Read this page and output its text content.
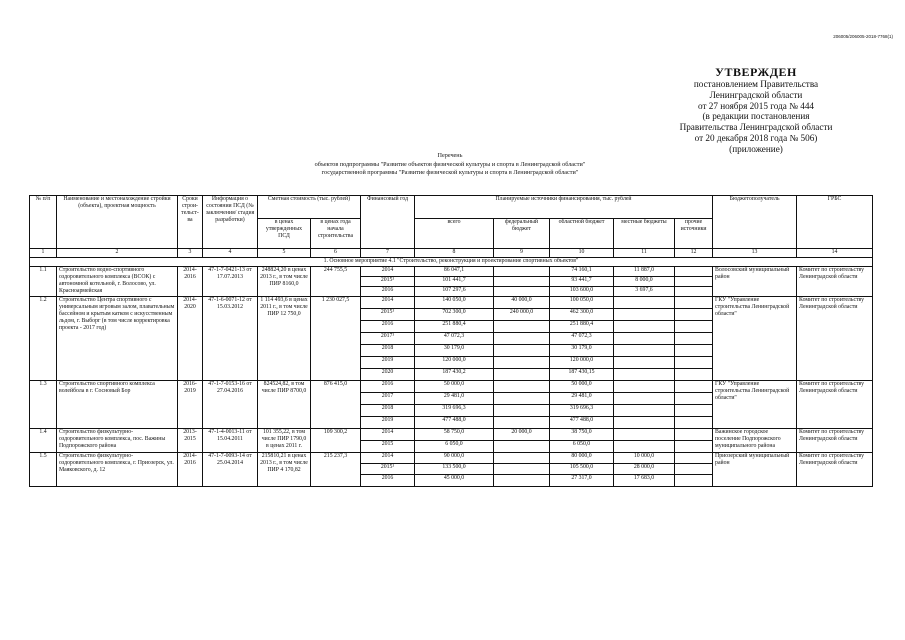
206005/206005-2018-7768(1)
УТВЕРЖДЕН
постановлением Правительства
Ленинградской области
от 27 ноября 2015 года № 444
(в редакции постановления
Правительства Ленинградской области
от 20 декабря 2018 года № 506)
(приложение)
Перечень
объектов подпрограммы "Развитие объектов физической культуры и спорта в Ленинградской области"
государственной программы "Развитие физической культуры и спорта в Ленинградской области"
№ п/п	Наименование и местонахождение стройки (объекта), проектная мощность	Сроки строи-тельст-ва	Информация о состоянии ПСД (№ заключения/ стадия разработки)	Сметная стоимость (тыс. рублей)		Финансовый год	Планируемые источники финансирования, тыс. рублей					Бюджетополучатель	ГРБС
				в ценах утвержденных ПСД	в ценах года начала строительства		всего	федеральный бюджет	областной бюджет	местные бюджеты	прочие источники		
1	2	3	4	5	6	7	8	9	10	11	12	13	14
1. Основное мероприятие 4.1 "Строительство, реконструкция и проектирование спортивных объектов"													
1.1	Строительство водно-спортивного оздоровительного комплекса (ВСОК) с автономной котельной, г. Волосово, ул. Красноармейская	2014-2016	47-1-7-0421-13 от 17.07.2013	248824,20 в ценах 2013 г., в том числе ПИР 8160,0	244 755,5	2014	86 047,1		74 160,1	11 887,0		Волосовский муниципальный район	Комитет по строительству Ленинградской области
						2015¹	101 441,7		93 441,7	8 000,0			
						2016	107 297,6		103 600,0	3 697,6			
1.2	Строительство Центра спортивного с универсальным игровым залом, плавательным бассейном и крытым катком с искусственным льдом, г. Выборг (в том числе корректировка проекта - 2017 год)	2014-2020	47-1-6-0071-12 от 15.03.2012	1 114 493,6 в ценах 2011 г., в том числе ПИР 12 750,0	1 230 027,5	2014	140 050,0	40 000,0	100 050,0			ГКУ "Управление строительства Ленинградской области"	Комитет по строительству Ленинградской области
						2015¹	702 300,0	240 000,0	462 300,0				
						2016	251 880,4		251 880,4				
						2017¹	47 072,3		47 072,3				
						2018	30 179,0		30 179,0				
						2019	120 000,0		120 000,0				
						2020	187 430,2		187 430,15				
1.3	Строительство спортивного комплекса волейбола в г. Сосновый Бор	2016-2019	47-1-7-0153-16 от 27.04.2016	824524,82, в том числе ПИР 8700,0	876 415,0	2016	50 000,0		50 000,0			ГКУ "Управление строительства Ленинградской области"	Комитет по строительству Ленинградской области
						2017	29 481,0		29 481,0				
						2018	319 696,3		319 696,3				
						2019	477 488,0		477 488,0				
1.4	Строительство физкультурно-оздоровительного комплекса, пос. Важины Подпорожского района	2013-2015	47-1-4-0013-11 от 15.04.2011	101 355,22, в том числе ПИР 1790,0 в ценах 2011 г.	109 300,2	2014	58 750,0	20 000,0	38 750,0			Важинское городское поселение Подпорожского муниципального района	Комитет по строительству Ленинградской области
						2015	6 050,0		6 050,0				
1.5	Строительство физкультурно-оздоровительного комплекса, г. Приозерск, ул. Маяковского, д. 12	2014-2016	47-1-7-0093-14 от 25.04.2014	215810,21 в ценах 2013 г., в том числе ПИР 4 170,82	215 237,3	2014	90 000,0		80 000,0	10 000,0		Приозерский муниципальный район	Комитет по строительству Ленинградской области
						2015¹	133 500,0		105 500,0	28 000,0			
						2016	45 000,0		27 317,0	17 683,0			
